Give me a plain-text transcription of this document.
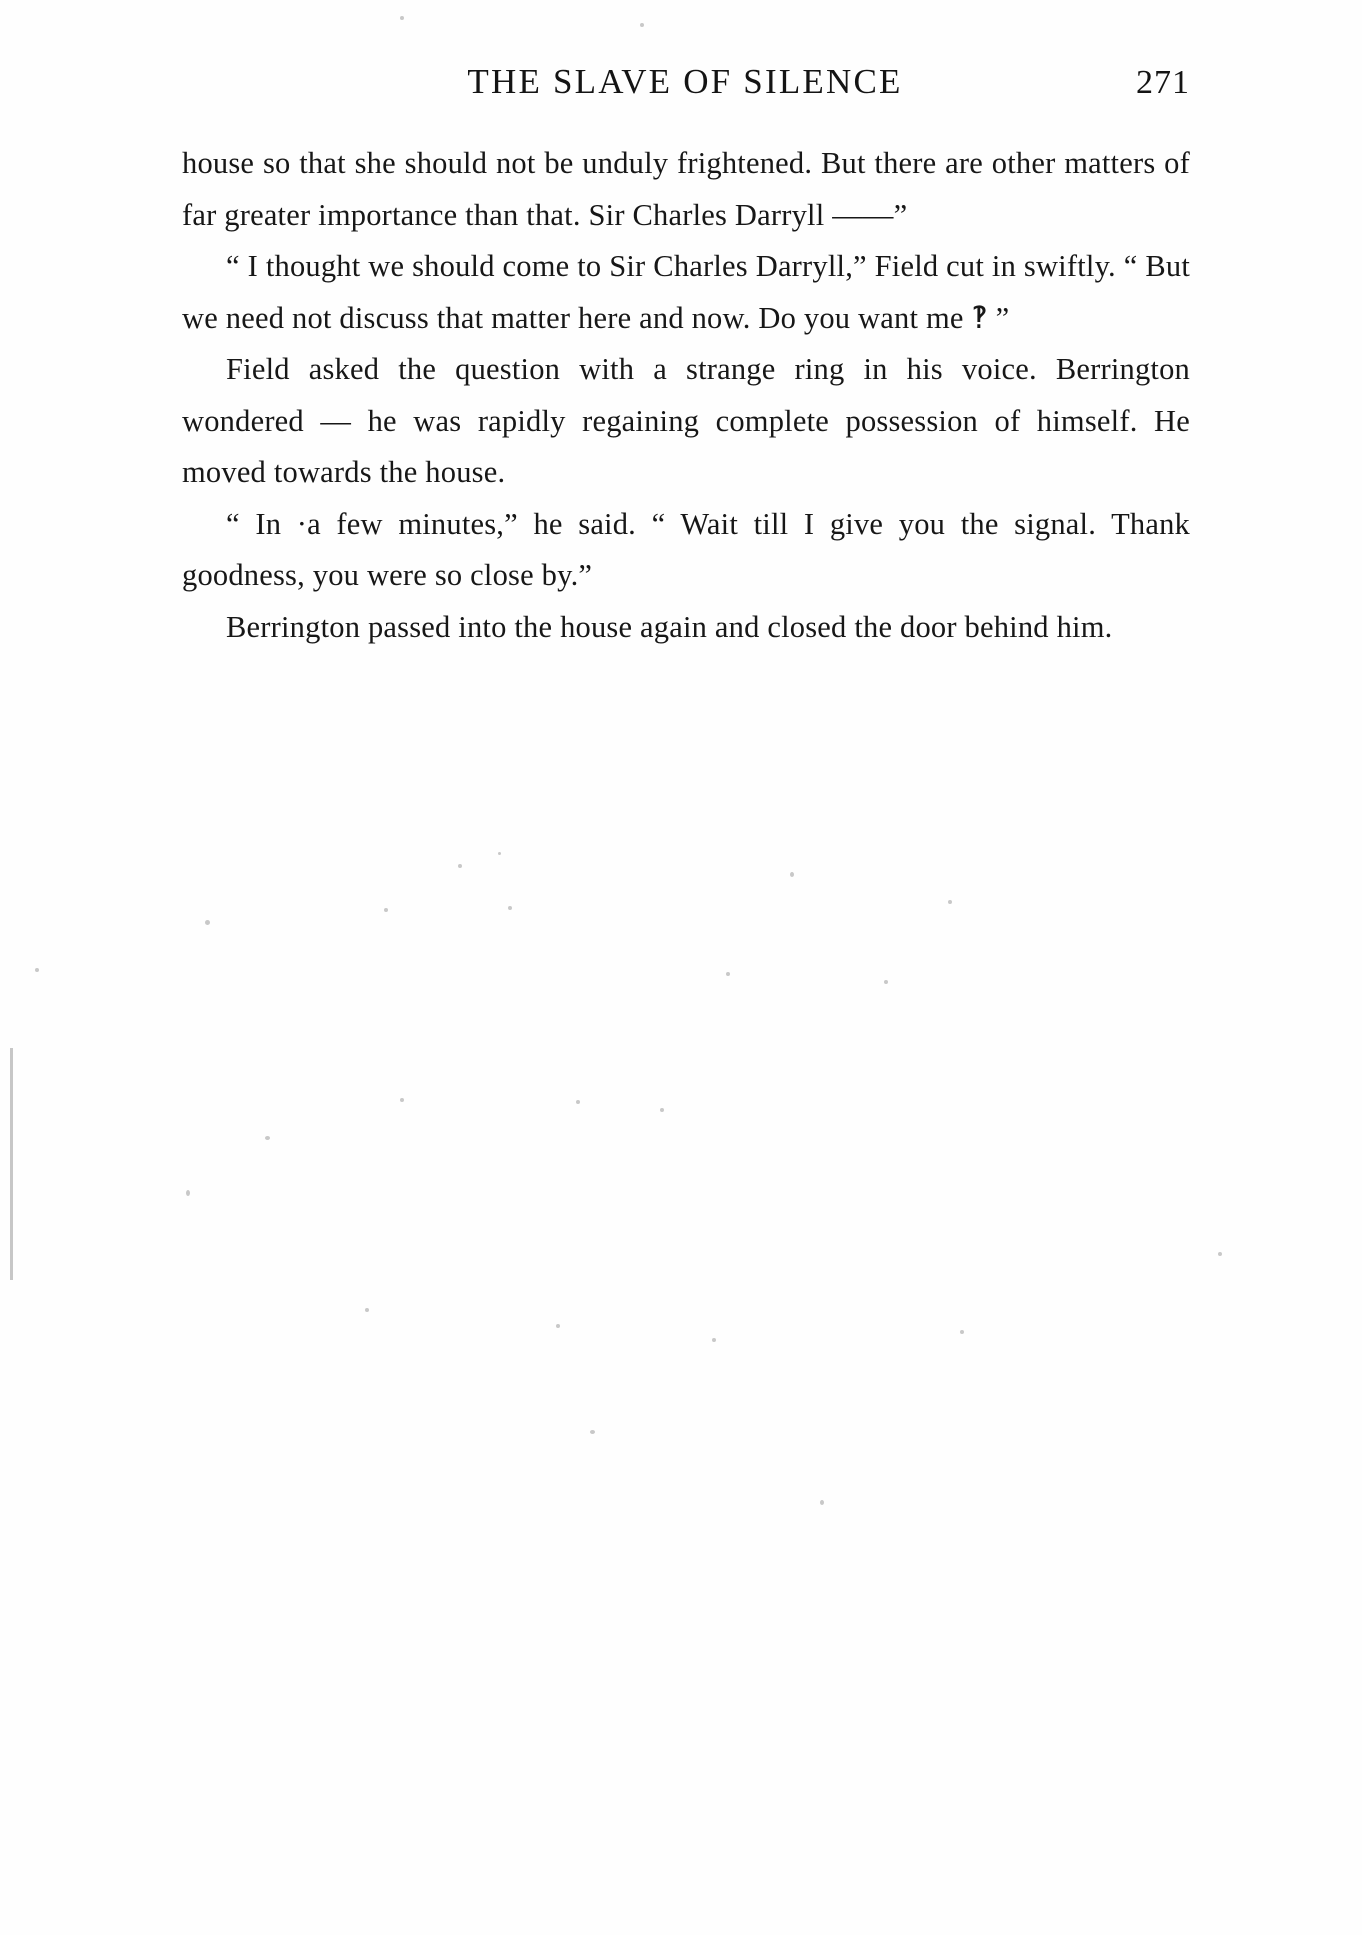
THE SLAVE OF SILENCE	271

house so that she should not be unduly frightened. But there are other matters of far greater importance than that. Sir Charles Darryll ——”

“ I thought we should come to Sir Charles Darryll,” Field cut in swiftly. “ But we need not discuss that matter here and now. Do you want me ‽ ”

Field asked the question with a strange ring in his voice. Berrington wondered — he was rapidly regaining complete possession of himself. He moved towards the house.

“ In ·a few minutes,” he said. “ Wait till I give you the signal. Thank goodness, you were so close by.”

Berrington passed into the house again and closed the door behind him.
